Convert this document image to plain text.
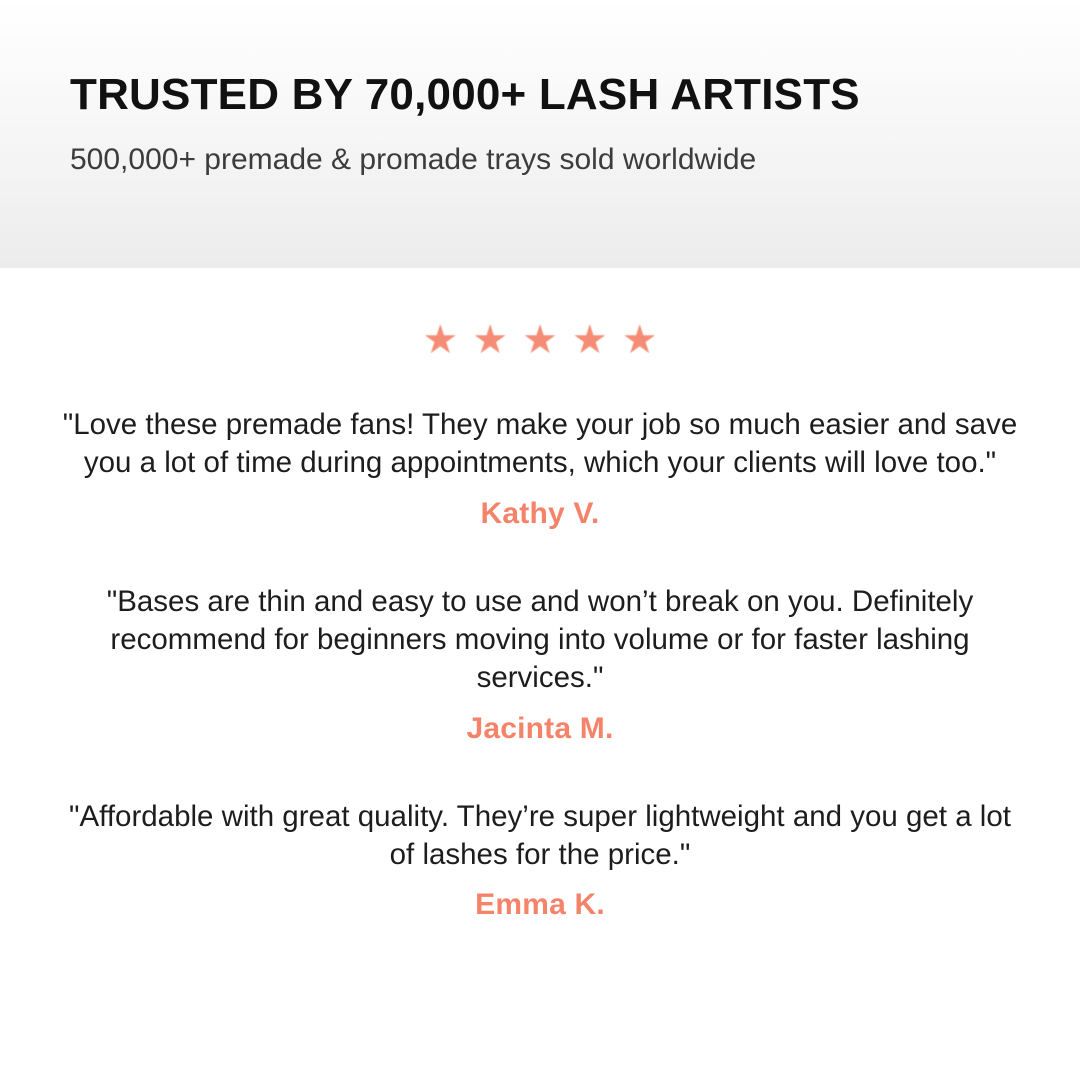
TRUSTED BY 70,000+ LASH ARTISTS

500,000+ premade & promade trays sold worldwide

★ ★ ★ ★ ★

"Love these premade fans! They make your job so much easier and save you a lot of time during appointments, which your clients will love too."

Kathy V.

"Bases are thin and easy to use and won’t break on you. Definitely recommend for beginners moving into volume or for faster lashing services."

Jacinta M.

"Affordable with great quality. They’re super lightweight and you get a lot of lashes for the price."

Emma K.
